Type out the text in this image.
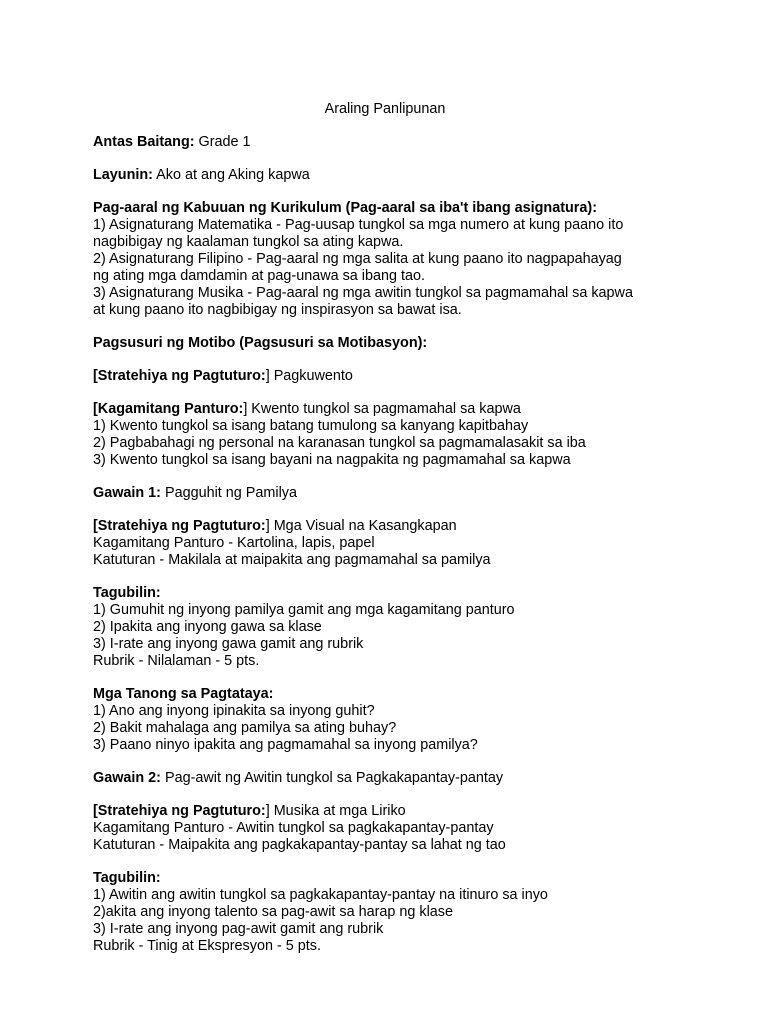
Araling Panlipunan
Antas Baitang: Grade 1
Layunin: Ako at ang Aking kapwa
Pag-aaral ng Kabuuan ng Kurikulum (Pag-aaral sa iba't ibang asignatura):
1) Asignaturang Matematika - Pag-uusap tungkol sa mga numero at kung paano ito
nagbibigay ng kaalaman tungkol sa ating kapwa.
2) Asignaturang Filipino - Pag-aaral ng mga salita at kung paano ito nagpapahayag
ng ating mga damdamin at pag-unawa sa ibang tao.
3) Asignaturang Musika - Pag-aaral ng mga awitin tungkol sa pagmamahal sa kapwa
at kung paano ito nagbibigay ng inspirasyon sa bawat isa.
Pagsusuri ng Motibo (Pagsusuri sa Motibasyon):
[Stratehiya ng Pagtuturo:] Pagkuwento
[Kagamitang Panturo:] Kwento tungkol sa pagmamahal sa kapwa
1) Kwento tungkol sa isang batang tumulong sa kanyang kapitbahay
2) Pagbabahagi ng personal na karanasan tungkol sa pagmamalasakit sa iba
3) Kwento tungkol sa isang bayani na nagpakita ng pagmamahal sa kapwa
Gawain 1: Pagguhit ng Pamilya
[Stratehiya ng Pagtuturo:] Mga Visual na Kasangkapan
Kagamitang Panturo - Kartolina, lapis, papel
Katuturan - Makilala at maipakita ang pagmamahal sa pamilya
Tagubilin:
1) Gumuhit ng inyong pamilya gamit ang mga kagamitang panturo
2) Ipakita ang inyong gawa sa klase
3) I-rate ang inyong gawa gamit ang rubrik
Rubrik - Nilalaman - 5 pts.
Mga Tanong sa Pagtataya:
1) Ano ang inyong ipinakita sa inyong guhit?
2) Bakit mahalaga ang pamilya sa ating buhay?
3) Paano ninyo ipakita ang pagmamahal sa inyong pamilya?
Gawain 2: Pag-awit ng Awitin tungkol sa Pagkakapantay-pantay
[Stratehiya ng Pagtuturo:] Musika at mga Liriko
Kagamitang Panturo - Awitin tungkol sa pagkakapantay-pantay
Katuturan - Maipakita ang pagkakapantay-pantay sa lahat ng tao
Tagubilin:
1) Awitin ang awitin tungkol sa pagkakapantay-pantay na itinuro sa inyo
2)akita ang inyong talento sa pag-awit sa harap ng klase
3) I-rate ang inyong pag-awit gamit ang rubrik
Rubrik - Tinig at Ekspresyon - 5 pts.
